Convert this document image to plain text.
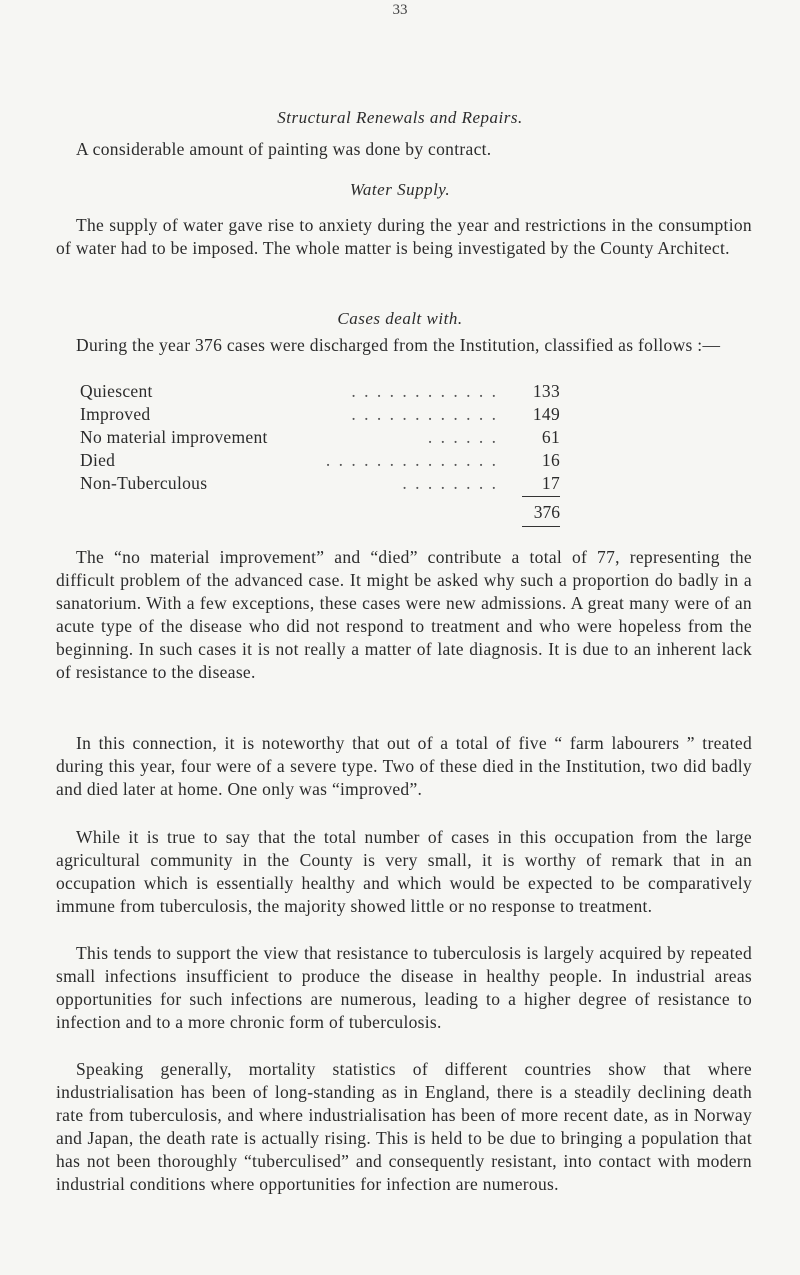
33
Structural Renewals and Repairs.

A considerable amount of painting was done by contract.

Water Supply.

The supply of water gave rise to anxiety during the year and restrictions in the consumption of water had to be imposed. The whole matter is being investigated by the County Architect.

Cases dealt with.

During the year 376 cases were discharged from the Institution, classified as follows :—

Quiescent	. . . . . . . . . . . .	133
Improved	. . . . . . . . . . . .	149
No material improvement	. . . . . .	61
Died	. . . . . . . . . . . . . .	16
Non-Tuberculous	. . . . . . . .	17
376

The “no material improvement” and “died” contribute a total of 77, representing the difficult problem of the advanced case. It might be asked why such a proportion do badly in a sanatorium. With a few exceptions, these cases were new admissions. A great many were of an acute type of the disease who did not respond to treatment and who were hopeless from the beginning. In such cases it is not really a matter of late diagnosis. It is due to an inherent lack of resistance to the disease.

In this connection, it is noteworthy that out of a total of five “ farm labourers ” treated during this year, four were of a severe type. Two of these died in the Institution, two did badly and died later at home. One only was “improved”.

While it is true to say that the total number of cases in this occupation from the large agricultural community in the County is very small, it is worthy of remark that in an occupation which is essentially healthy and which would be expected to be comparatively immune from tuberculosis, the majority showed little or no response to treatment.

This tends to support the view that resistance to tuberculosis is largely acquired by repeated small infections insufficient to produce the disease in healthy people. In industrial areas opportunities for such infections are numerous, leading to a higher degree of resistance to infection and to a more chronic form of tuberculosis.

Speaking generally, mortality statistics of different countries show that where industrialisation has been of long-standing as in England, there is a steadily declining death rate from tuberculosis, and where industrialisation has been of more recent date, as in Norway and Japan, the death rate is actually rising. This is held to be due to bringing a population that has not been thoroughly “tuberculised” and consequently resistant, into contact with modern industrial conditions where opportunities for infection are numerous.
